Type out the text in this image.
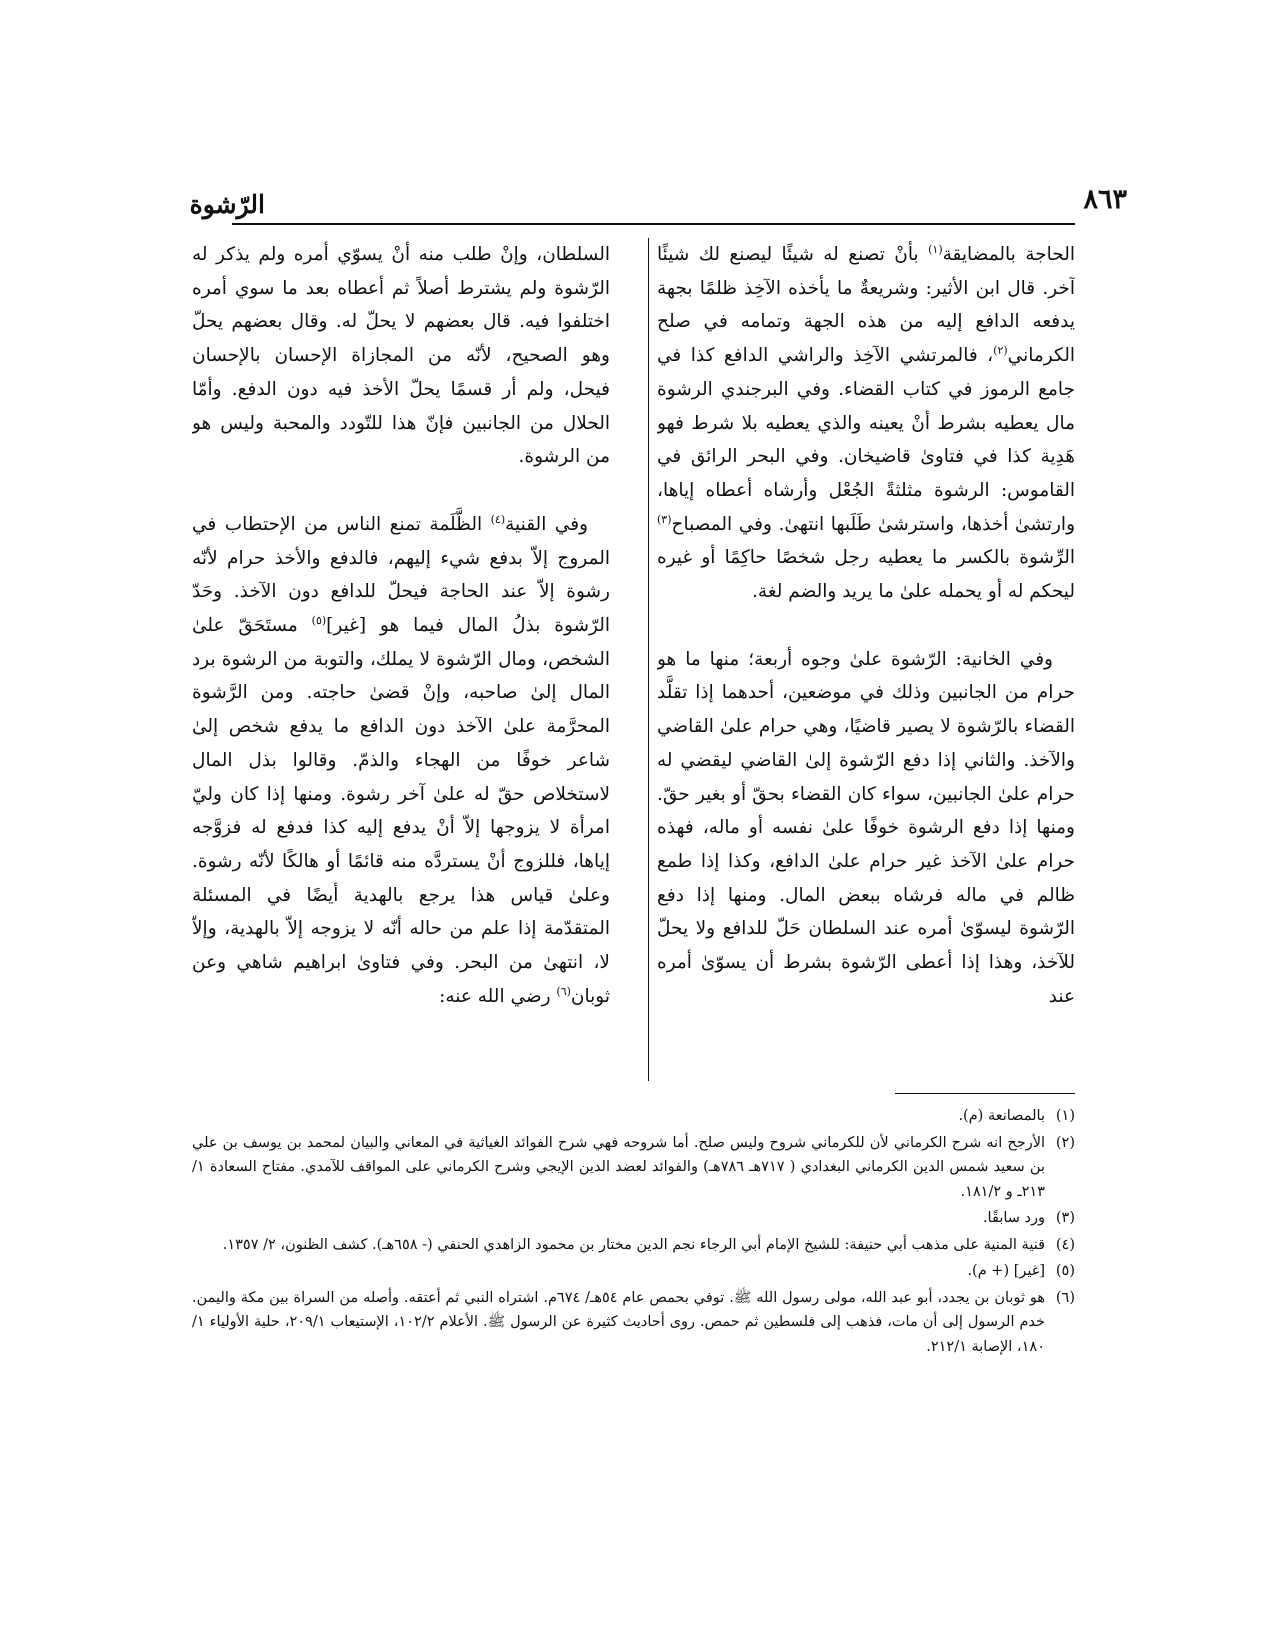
٨٦٣
الرّشوة

الحاجة بالمضايقة$^{(١)}$ بأنْ تصنع له شيئًا ليصنع لك شيئًا آخر. قال ابن الأثير: وشريعةٌ ما يأخذه الآخِذ ظلمًا بجهة يدفعه الدافع إليه من هذه الجهة وتمامه في صلح الكرماني$^{(٢)}$، فالمرتشي الآخِذ والراشي الدافع كذا في جامع الرموز في كتاب القضاء. وفي البرجندي الرشوة مال يعطيه بشرط أنْ يعينه والذي يعطيه بلا شرط فهو هَدِية كذا في فتاوىٰ قاضيخان. وفي البحر الرائق في القاموس: الرشوة مثلثةً الجُعْل وأرشاه أعطاه إياها، وارتشىٰ أخذها، واسترشىٰ طَلَبها انتهىٰ. وفي المصباح$^{(٣)}$ الرِّشوة بالكسر ما يعطيه رجل شخصًا حاكِمًا أو غيره ليحكم له أو يحمله علىٰ ما يريد والضم لغة.

وفي الخانية: الرّشوة علىٰ وجوه أربعة؛ منها ما هو حرام من الجانبين وذلك في موضعين، أحدهما إذا تقلَّد القضاء بالرّشوة لا يصير قاضيًا، وهي حرام علىٰ القاضي والآخذ. والثاني إذا دفع الرّشوة إلىٰ القاضي ليقضي له حرام علىٰ الجانبين، سواء كان القضاء بحقّ أو بغير حقّ. ومنها إذا دفع الرشوة خوفًا علىٰ نفسه أو ماله، فهذه حرام علىٰ الآخذ غير حرام علىٰ الدافع، وكذا إذا طمع ظالم في ماله فرشاه ببعض المال. ومنها إذا دفع الرّشوة ليسوّىٰ أمره عند السلطان حَلّ للدافع ولا يحلّ للآخذ، وهذا إذا أعطى الرّشوة بشرط أن يسوّىٰ أمره عند

السلطان، وإنْ طلب منه أنْ يسوّي أمره ولم يذكر له الرّشوة ولم يشترط أصلاً ثم أعطاه بعد ما سوي أمره اختلفوا فيه. قال بعضهم لا يحلّ له. وقال بعضهم يحلّ وهو الصحيح، لأنّه من المجازاة الإحسان بالإحسان فيحل، ولم أر قسمًا يحلّ الأخذ فيه دون الدفع. وأمّا الحلال من الجانبين فإنّ هذا للتّودد والمحبة وليس هو من الرشوة.

وفي القنية$^{(٤)}$ الظَّلَمة تمنع الناس من الإحتطاب في المروج إلاّ بدفع شيء إليهم، فالدفع والأخذ حرام لأنّه رشوة إلاّ عند الحاجة فيحلّ للدافع دون الآخذ. وحَدّ الرّشوة بذلُ المال فيما هو [غير]$^{(٥)}$ مستَحَقّ علىٰ الشخص، ومال الرّشوة لا يملك، والتوبة من الرشوة برد المال إلىٰ صاحبه، وإنْ قضىٰ حاجته. ومن الرَّشوة المحرَّمة علىٰ الآخذ دون الدافع ما يدفع شخص إلىٰ شاعر خوفًا من الهجاء والذمّ. وقالوا بذل المال لاستخلاص حقّ له علىٰ آخر رشوة. ومنها إذا كان وليّ امرأة لا يزوجها إلاّ أنْ يدفع إليه كذا فدفع له فزوَّجه إياها، فللزوج أنْ يستردَّه منه قائمًا أو هالكًا لأنّه رشوة. وعلىٰ قياس هذا يرجع بالهدية أيضًا في المسئلة المتقدّمة إذا علم من حاله أنّه لا يزوجه إلاّ بالهدية، وإلاّ لا، انتهىٰ من البحر. وفي فتاوىٰ ابراهيم شاهي وعن ثوبان$^{(٦)}$ رضي الله عنه:

(١)
بالمصانعة (م).
(٢)
الأرجح انه شرح الكرماني لأن للكرماني شروح وليس صلح. أما شروحه فهي شرح الفوائد الغياثية في المعاني والبيان لمحمد بن يوسف بن علي بن سعيد شمس الدين الكرماني البغدادي ( ٧١٧هـ ٧٨٦هـ) والفوائد لعضد الدين الإيجي وشرح الكرماني على المواقف للآمدي. مفتاح السعادة ١/ ٢١٣ـ و ١٨١/٢.
(٣)
ورد سابقًا.
(٤)
قنية المنية على مذهب أبي حنيفة: للشيخ الإمام أبي الرجاء نجم الدين مختار بن محمود الزاهدي الحنفي (- ٦٥٨هـ). كشف الظنون، ٢/ ١٣٥٧.
(٥)
[غير] (+ م).
(٦)
هو ثوبان بن يجدد، أبو عبد الله، مولى رسول الله ﷺ. توفي بحمص عام ٥٤هـ/ ٦٧٤م. اشتراه النبي ثم أعتقه. وأصله من السراة بين مكة واليمن. خدم الرسول إلى أن مات، فذهب إلى فلسطين ثم حمص. روى أحاديث كثيرة عن الرسول ﷺ. الأعلام ١٠٢/٢، الإستيعاب ٢٠٩/١، حلية الأولياء ١/ ١٨٠، الإصابة ٢١٢/١.
